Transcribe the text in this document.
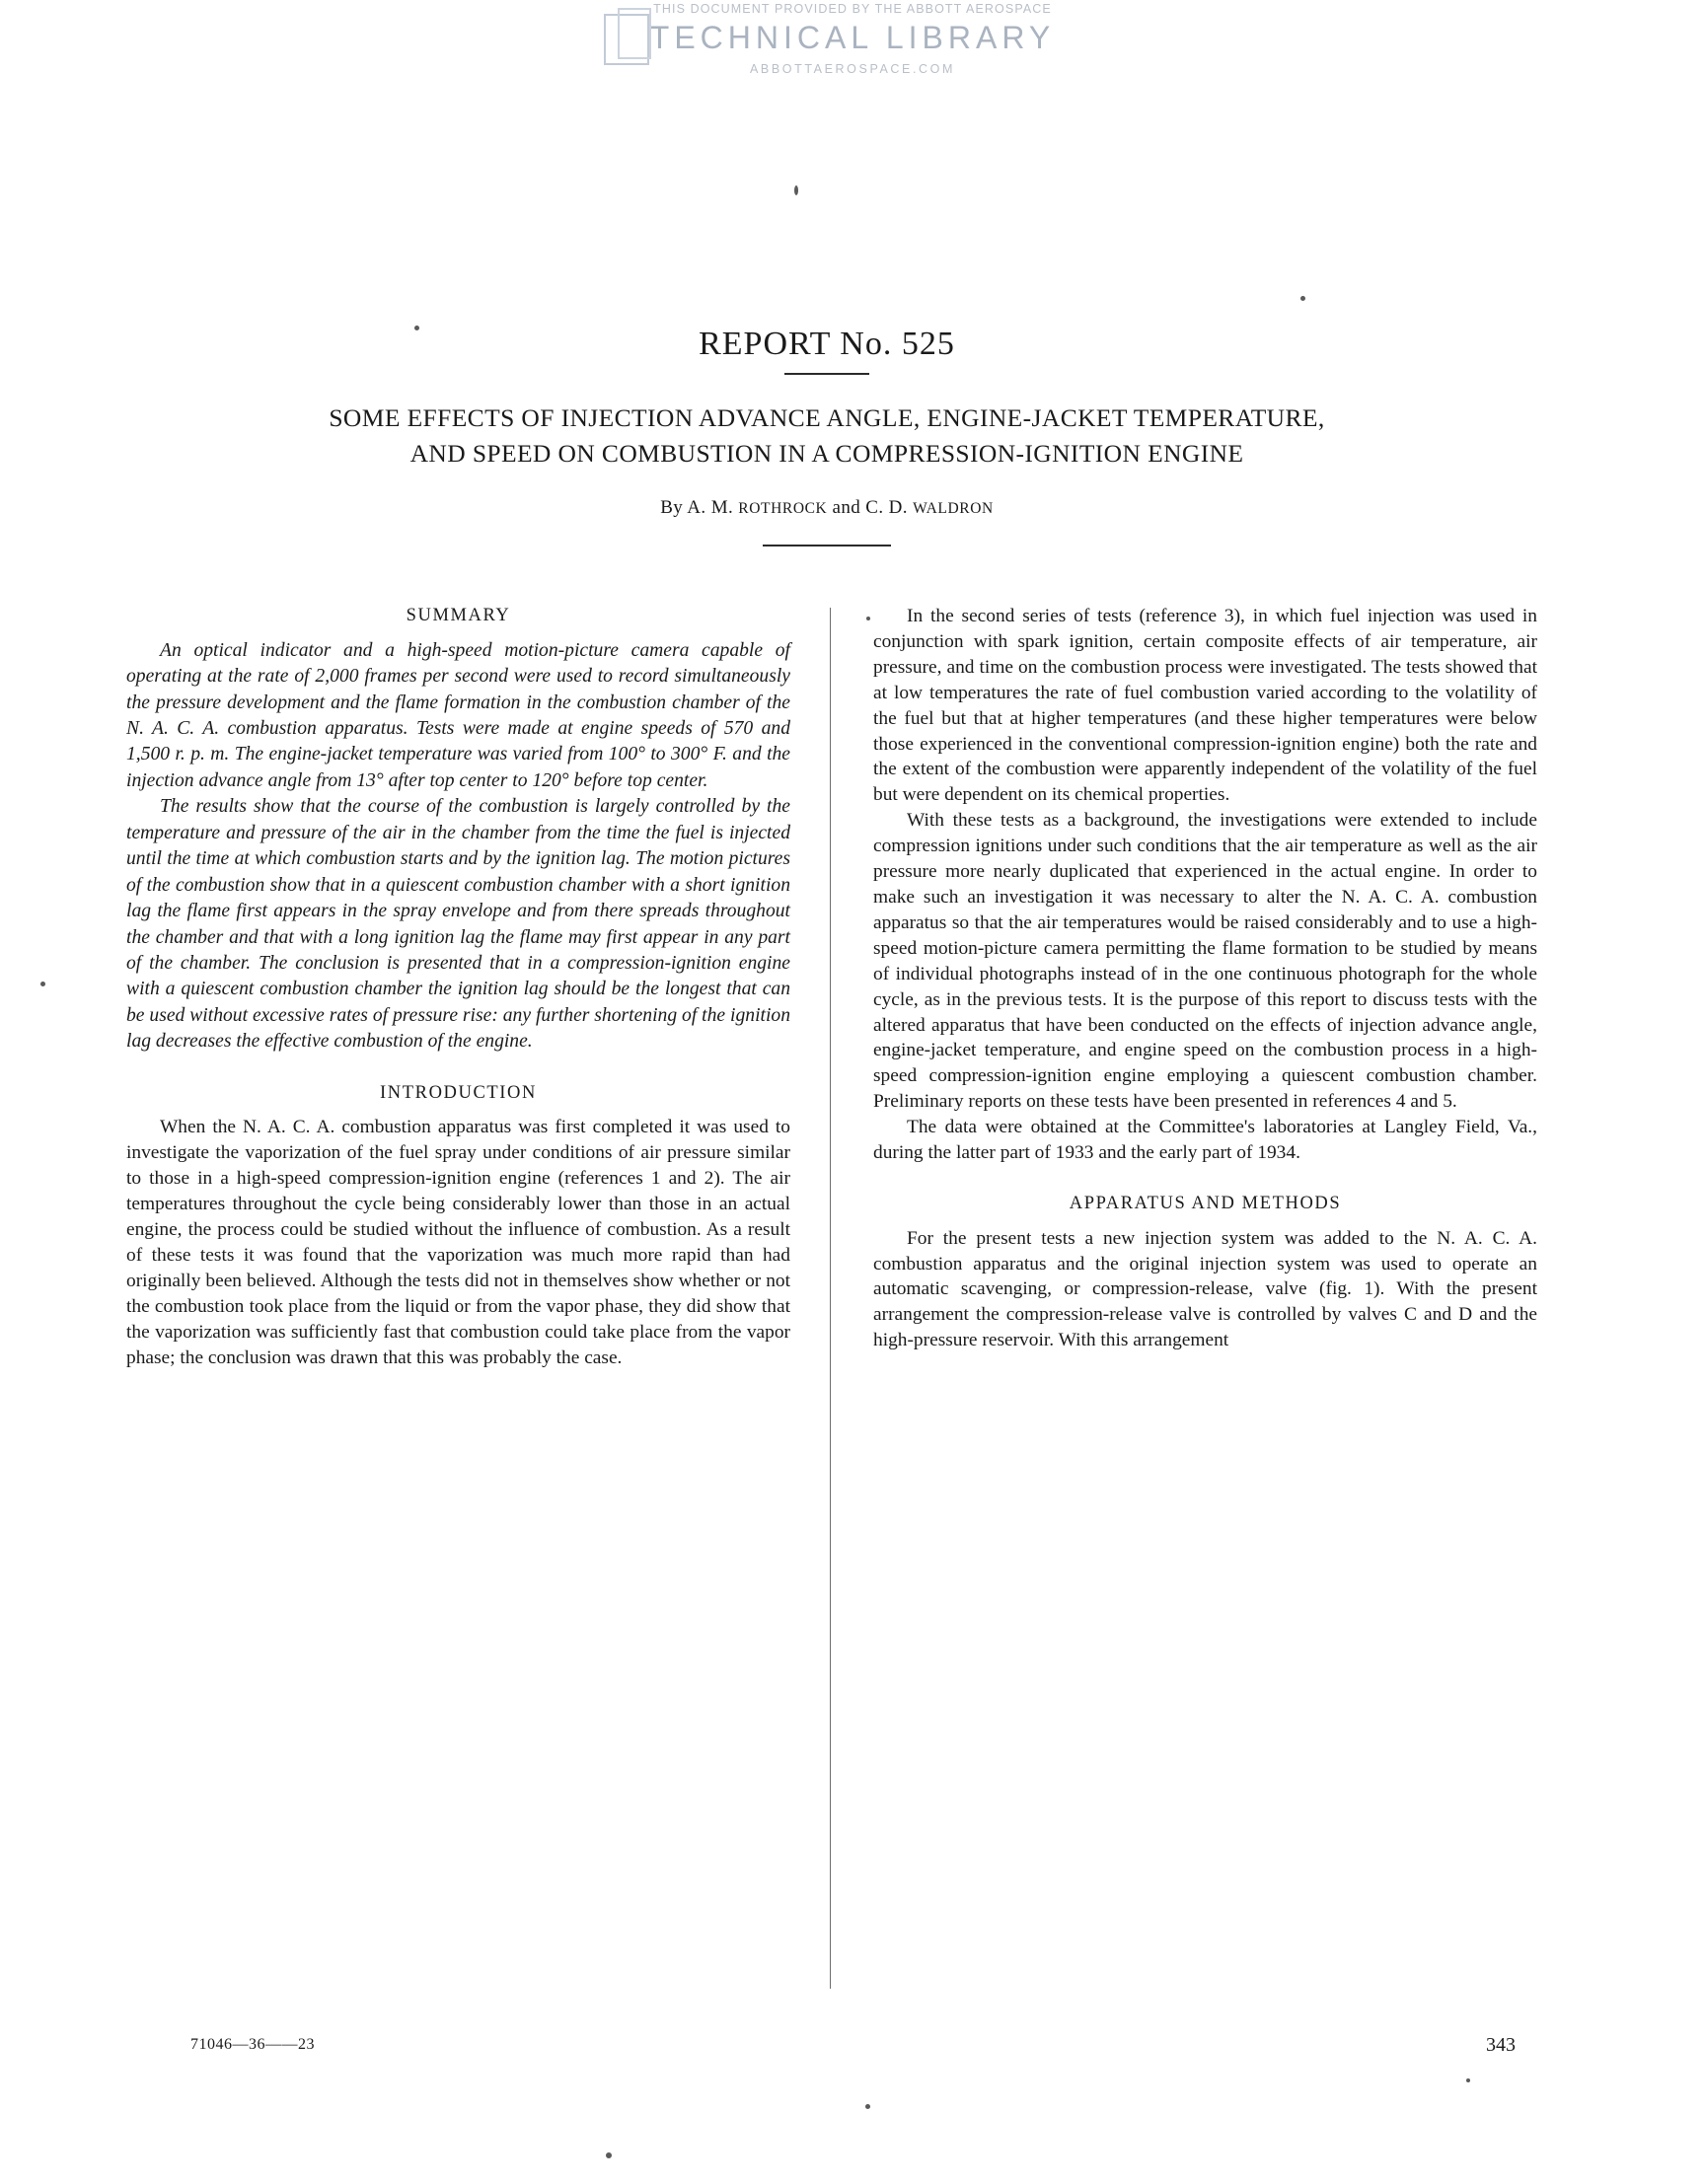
THIS DOCUMENT PROVIDED BY THE ABBOTT AEROSPACE
TECHNICAL LIBRARY
ABBOTTAEROSPACE.COM
REPORT No. 525
SOME EFFECTS OF INJECTION ADVANCE ANGLE, ENGINE-JACKET TEMPERATURE,
AND SPEED ON COMBUSTION IN A COMPRESSION-IGNITION ENGINE
By A. M. ROTHROCK and C. D. WALDRON
SUMMARY

An optical indicator and a high-speed motion-picture camera capable of operating at the rate of 2,000 frames per second were used to record simultaneously the pressure development and the flame formation in the combustion chamber of the N. A. C. A. combustion apparatus. Tests were made at engine speeds of 570 and 1,500 r. p. m. The engine-jacket temperature was varied from 100° to 300° F. and the injection advance angle from 13° after top center to 120° before top center.

The results show that the course of the combustion is largely controlled by the temperature and pressure of the air in the chamber from the time the fuel is injected until the time at which combustion starts and by the ignition lag. The motion pictures of the combustion show that in a quiescent combustion chamber with a short ignition lag the flame first appears in the spray envelope and from there spreads throughout the chamber and that with a long ignition lag the flame may first appear in any part of the chamber. The conclusion is presented that in a compression-ignition engine with a quiescent combustion chamber the ignition lag should be the longest that can be used without excessive rates of pressure rise: any further shortening of the ignition lag decreases the effective combustion of the engine.

INTRODUCTION

When the N. A. C. A. combustion apparatus was first completed it was used to investigate the vaporization of the fuel spray under conditions of air pressure similar to those in a high-speed compression-ignition engine (references 1 and 2). The air temperatures throughout the cycle being considerably lower than those in an actual engine, the process could be studied without the influence of combustion. As a result of these tests it was found that the vaporization was much more rapid than had originally been believed. Although the tests did not in themselves show whether or not the combustion took place from the liquid or from the vapor phase, they did show that the vaporization was sufficiently fast that combustion could take place from the vapor phase; the conclusion was drawn that this was probably the case.

In the second series of tests (reference 3), in which fuel injection was used in conjunction with spark ignition, certain composite effects of air temperature, air pressure, and time on the combustion process were investigated. The tests showed that at low temperatures the rate of fuel combustion varied according to the volatility of the fuel but that at higher temperatures (and these higher temperatures were below those experienced in the conventional compression-ignition engine) both the rate and the extent of the combustion were apparently independent of the volatility of the fuel but were dependent on its chemical properties.

With these tests as a background, the investigations were extended to include compression ignitions under such conditions that the air temperature as well as the air pressure more nearly duplicated that experienced in the actual engine. In order to make such an investigation it was necessary to alter the N. A. C. A. combustion apparatus so that the air temperatures would be raised considerably and to use a high-speed motion-picture camera permitting the flame formation to be studied by means of individual photographs instead of in the one continuous photograph for the whole cycle, as in the previous tests. It is the purpose of this report to discuss tests with the altered apparatus that have been conducted on the effects of injection advance angle, engine-jacket temperature, and engine speed on the combustion process in a high-speed compression-ignition engine employing a quiescent combustion chamber. Preliminary reports on these tests have been presented in references 4 and 5.

The data were obtained at the Committee's laboratories at Langley Field, Va., during the latter part of 1933 and the early part of 1934.

APPARATUS AND METHODS

For the present tests a new injection system was added to the N. A. C. A. combustion apparatus and the original injection system was used to operate an automatic scavenging, or compression-release, valve (fig. 1). With the present arrangement the compression-release valve is controlled by valves C and D and the high-pressure reservoir. With this arrangement

71046—36——23	343
